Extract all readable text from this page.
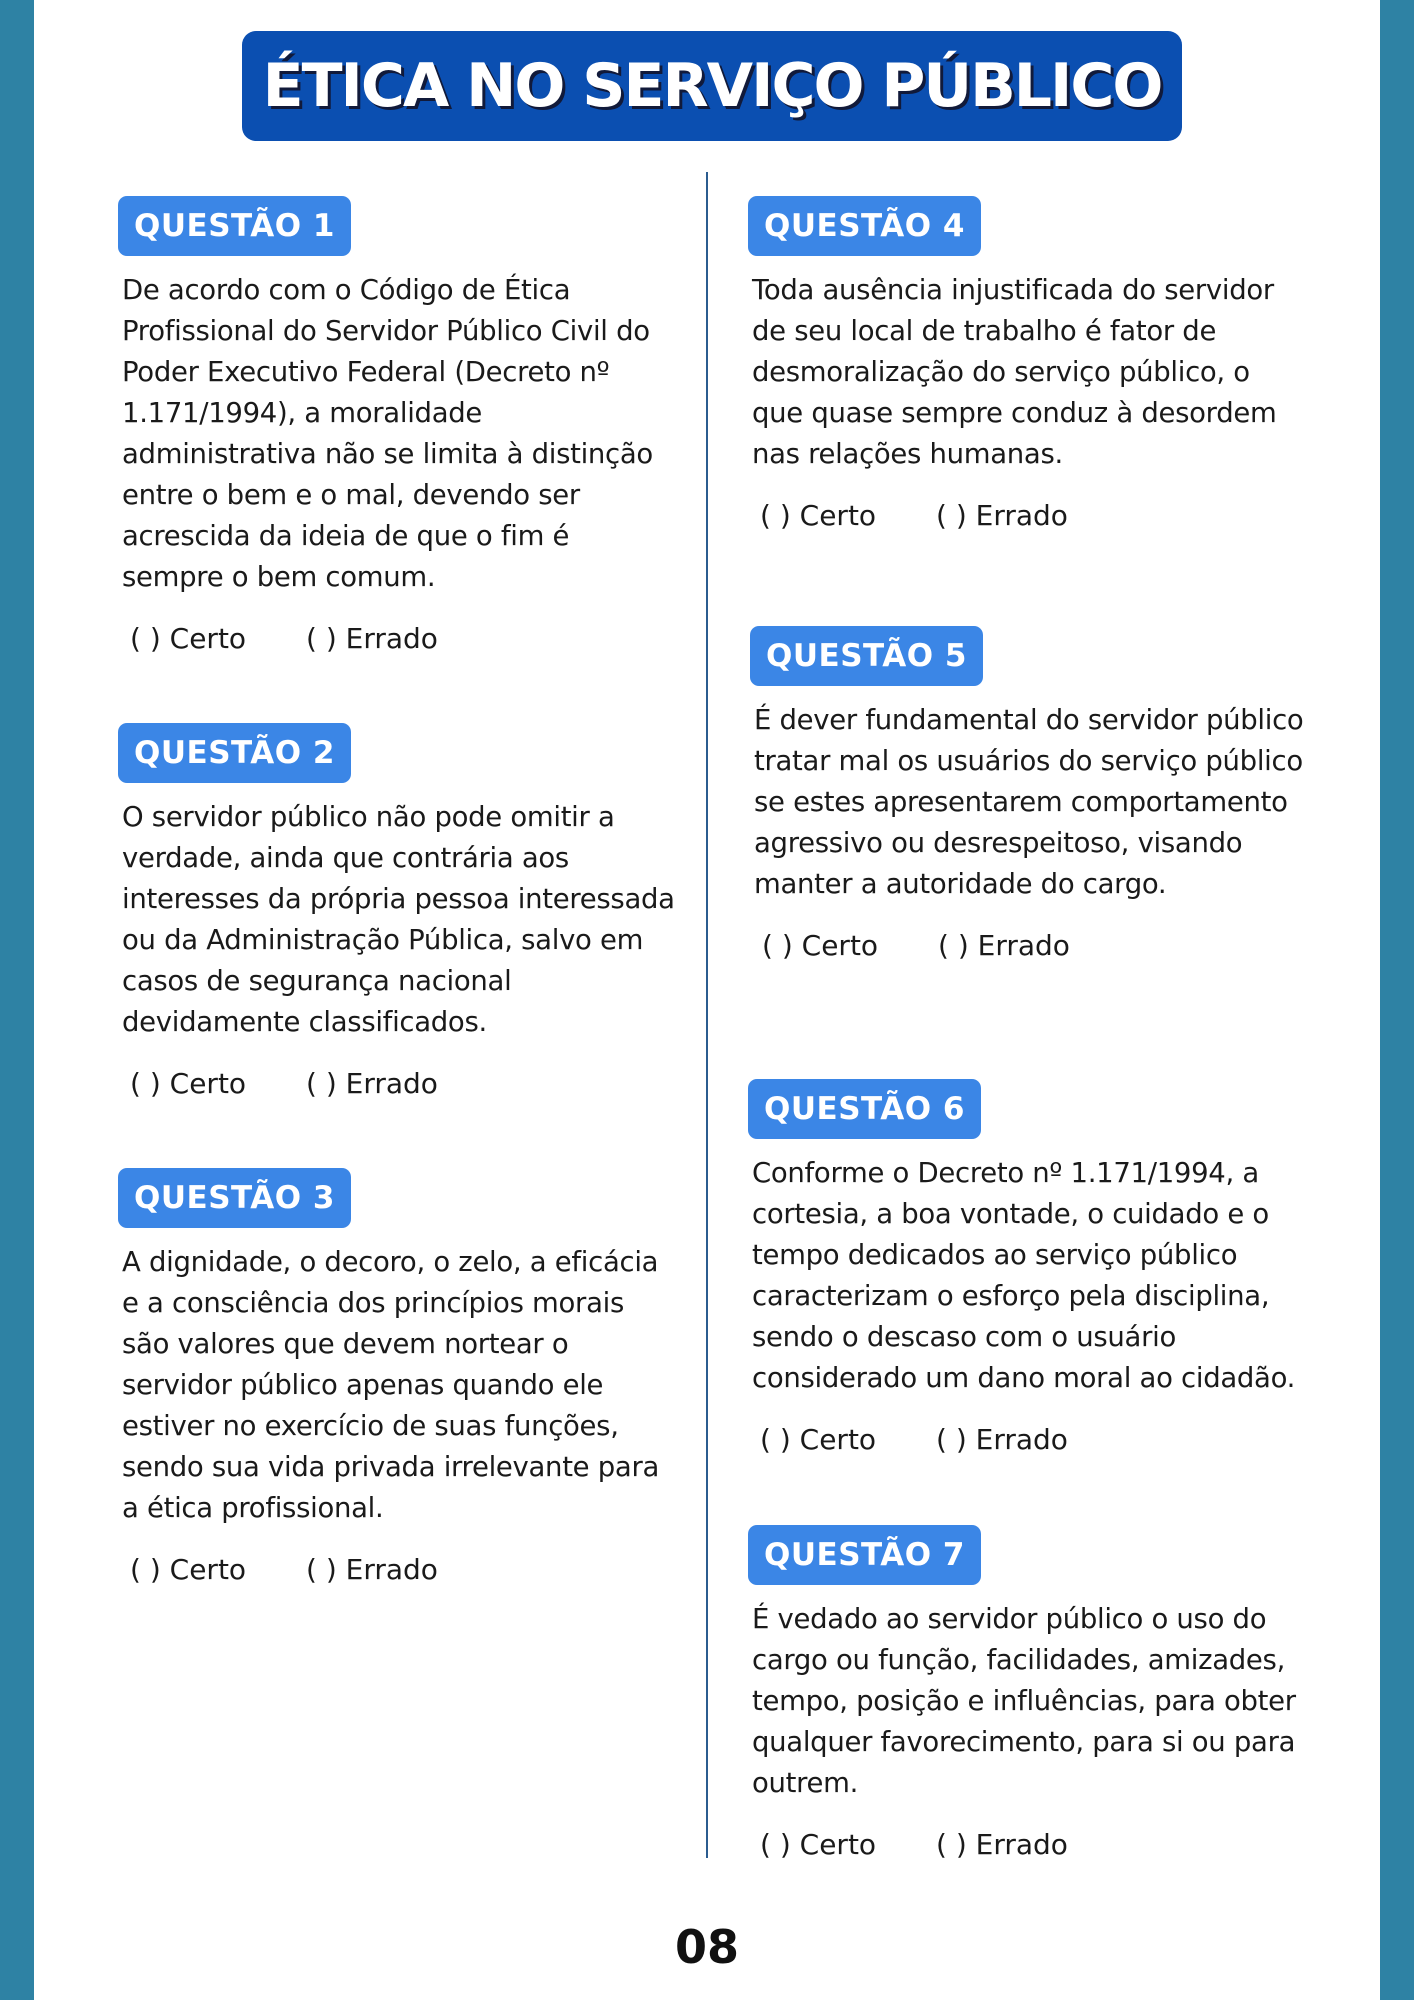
ÉTICA NO SERVIÇO PÚBLICO
QUESTÃO 1
De acordo com o Código de Ética Profissional do Servidor Público Civil do Poder Executivo Federal (Decreto nº 1.171/1994), a moralidade administrativa não se limita à distinção entre o bem e o mal, devendo ser acrescida da ideia de que o fim é sempre o bem comum.
( ) Certo	( ) Errado
QUESTÃO 2
O servidor público não pode omitir a verdade, ainda que contrária aos interesses da própria pessoa interessada ou da Administração Pública, salvo em casos de segurança nacional devidamente classificados.
( ) Certo	( ) Errado
QUESTÃO 3
A dignidade, o decoro, o zelo, a eficácia e a consciência dos princípios morais são valores que devem nortear o servidor público apenas quando ele estiver no exercício de suas funções, sendo sua vida privada irrelevante para a ética profissional.
( ) Certo	( ) Errado
QUESTÃO 4
Toda ausência injustificada do servidor de seu local de trabalho é fator de desmoralização do serviço público, o que quase sempre conduz à desordem nas relações humanas.
( ) Certo	( ) Errado
QUESTÃO 5
É dever fundamental do servidor público tratar mal os usuários do serviço público se estes apresentarem comportamento agressivo ou desrespeitoso, visando manter a autoridade do cargo.
( ) Certo	( ) Errado
QUESTÃO 6
Conforme o Decreto nº 1.171/1994, a cortesia, a boa vontade, o cuidado e o tempo dedicados ao serviço público caracterizam o esforço pela disciplina, sendo o descaso com o usuário considerado um dano moral ao cidadão.
( ) Certo	( ) Errado
QUESTÃO 7
É vedado ao servidor público o uso do cargo ou função, facilidades, amizades, tempo, posição e influências, para obter qualquer favorecimento, para si ou para outrem.
( ) Certo	( ) Errado
08
